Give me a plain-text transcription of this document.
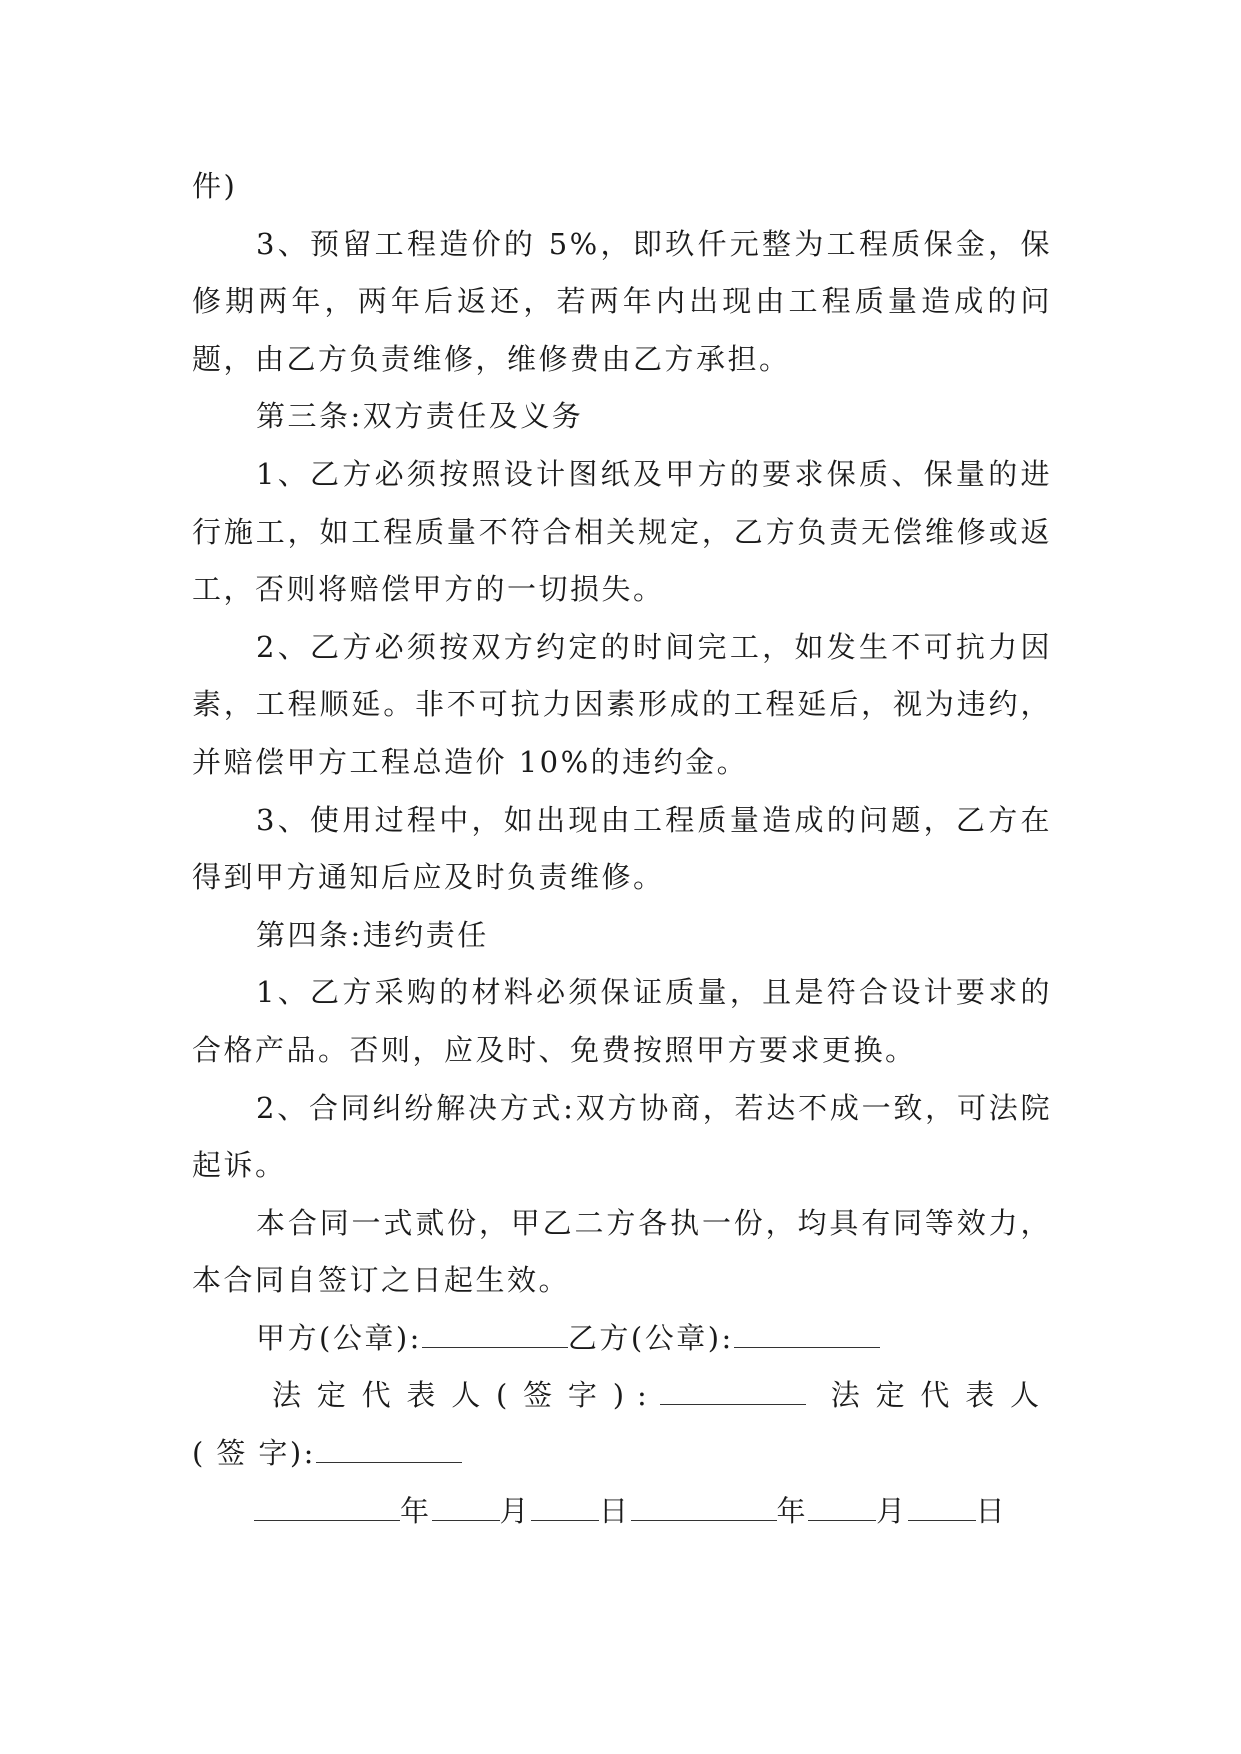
件)

3、预留工程造价的 5%，即玖仟元整为工程质保金，保修期两年，两年后返还，若两年内出现由工程质量造成的问题，由乙方负责维修，维修费由乙方承担。

第三条:双方责任及义务

1、乙方必须按照设计图纸及甲方的要求保质、保量的进行施工，如工程质量不符合相关规定，乙方负责无偿维修或返工，否则将赔偿甲方的一切损失。

2、乙方必须按双方约定的时间完工，如发生不可抗力因素，工程顺延。非不可抗力因素形成的工程延后，视为违约，并赔偿甲方工程总造价 10%的违约金。

3、使用过程中，如出现由工程质量造成的问题，乙方在得到甲方通知后应及时负责维修。

第四条:违约责任

1、乙方采购的材料必须保证质量，且是符合设计要求的合格产品。否则，应及时、免费按照甲方要求更换。

2、合同纠纷解决方式:双方协商，若达不成一致，可法院起诉。

本合同一式贰份，甲乙二方各执一份，均具有同等效力，本合同自签订之日起生效。

甲方(公章):	乙方(公章):

法定代表人(签字):	法定代表人(签字):

年 月 日	年 月 日
